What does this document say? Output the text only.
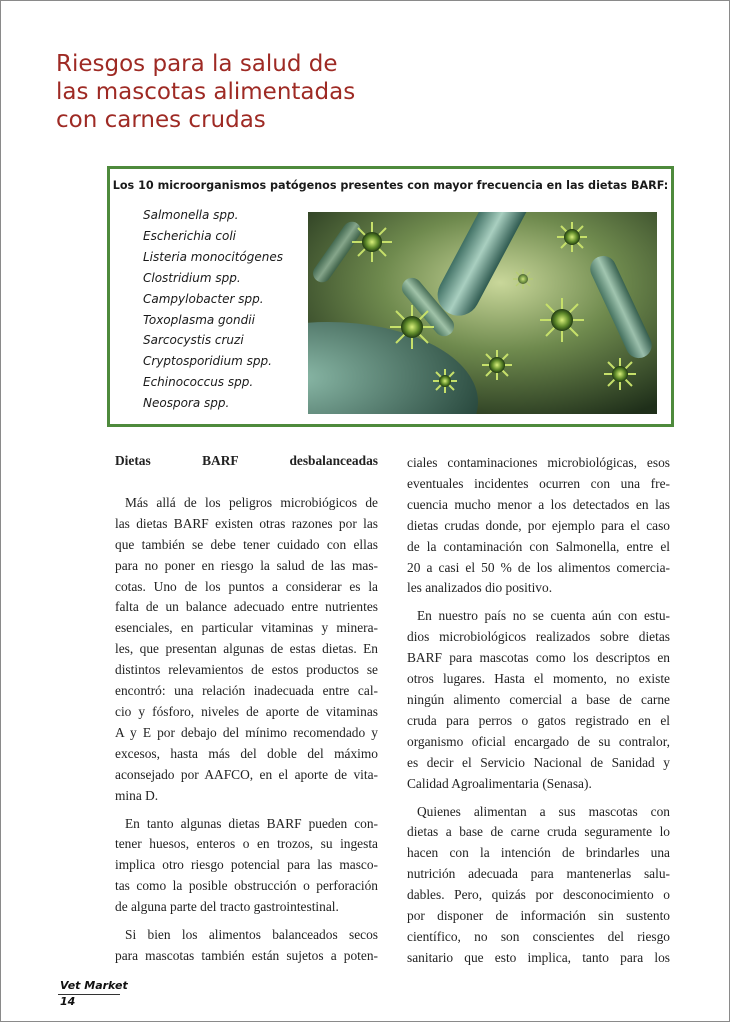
Riesgos para la salud de
las mascotas alimentadas
con carnes crudas
Los 10 microorganismos patógenos presentes con mayor frecuencia en las dietas BARF:
Salmonella spp.
Escherichia coli
Listeria monocitógenes
Clostridium spp.
Campylobacter spp.
Toxoplasma gondii
Sarcocystis cruzi
Cryptosporidium spp.
Echinococcus spp.
Neospora spp.

Dietas BARF desbalanceadas

Más allá de los peligros microbiógicos de

las dietas BARF existen otras razones por las

que también se debe tener cuidado con ellas

para no poner en riesgo la salud de las mas-

cotas. Uno de los puntos a considerar es la

falta de un balance adecuado entre nutrientes

esenciales, en particular vitaminas y minera-

les, que presentan algunas de estas dietas. En

distintos relevamientos de estos productos se

encontró: una relación inadecuada entre cal-

cio y fósforo, niveles de aporte de vitaminas

A y E por debajo del mínimo recomendado y

excesos, hasta más del doble del máximo

aconsejado por AAFCO, en el aporte de vita-

mina D.

En tanto algunas dietas BARF pueden con-

tener huesos, enteros o en trozos, su ingesta

implica otro riesgo potencial para las masco-

tas como la posible obstrucción o perforación

de alguna parte del tracto gastrointestinal.

Si bien los alimentos balanceados secos

para mascotas también están sujetos a poten-

ciales contaminaciones microbiológicas, esos

eventuales incidentes ocurren con una fre-

cuencia mucho menor a los detectados en las

dietas crudas donde, por ejemplo para el caso

de la contaminación con Salmonella, entre el

20 a casi el 50 % de los alimentos comercia-

les analizados dio positivo.

En nuestro país no se cuenta aún con estu-

dios microbiológicos realizados sobre dietas

BARF para mascotas como los descriptos en

otros lugares. Hasta el momento, no existe

ningún alimento comercial a base de carne

cruda para perros o gatos registrado en el

organismo oficial encargado de su contralor,

es decir el Servicio Nacional de Sanidad y

Calidad Agroalimentaria (Senasa).

Quienes alimentan a sus mascotas con

dietas a base de carne cruda seguramente lo

hacen con la intención de brindarles una

nutrición adecuada para mantenerlas salu-

dables. Pero, quizás por desconocimiento o

por disponer de información sin sustento

científico, no son conscientes del riesgo

sanitario que esto implica, tanto para los

Vet Market
14
